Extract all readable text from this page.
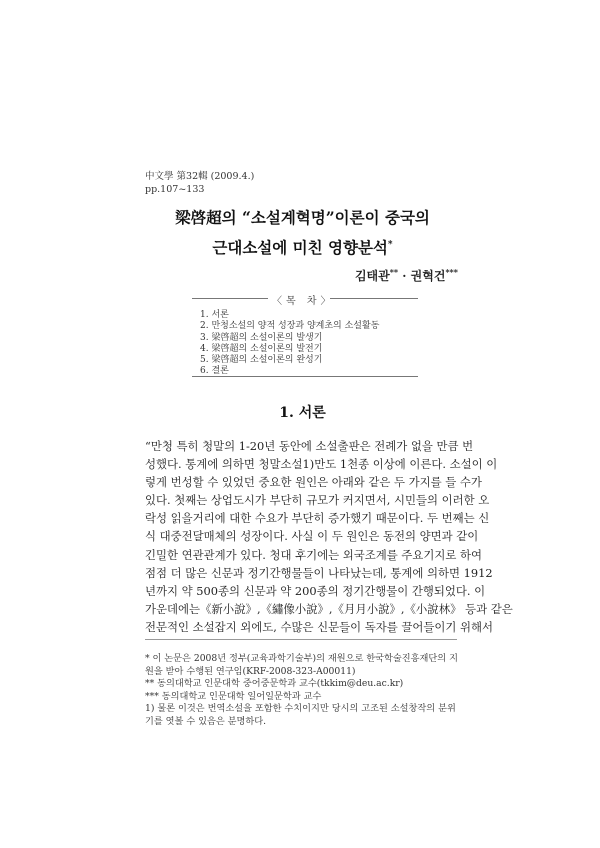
中文學 第32輯 (2009.4.)
pp.107~133
梁啓超의 “소설계혁명”이론이 중국의
근대소설에 미친 영향분석*
김태관** · 권혁건***
〈목 차〉
1. 서론
2. 만청소설의 양적 성장과 양계초의 소설활동
3. 梁啓超의 소설이론의 발생기
4. 梁啓超의 소설이론의 발전기
5. 梁啓超의 소설이론의 완성기
6. 결론
1. 서론
“만청 특히 청말의 1-20년 동안에 소설출판은 전례가 없을 만큼 번
성했다. 통계에 의하면 청말소설1)만도 1천종 이상에 이른다. 소설이 이
렇게 번성할 수 있었던 중요한 원인은 아래와 같은 두 가지를 들 수가
있다. 첫째는 상업도시가 부단히 규모가 커지면서, 시민들의 이러한 오
락성 읽을거리에 대한 수요가 부단히 증가했기 때문이다. 두 번째는 신
식 대중전달매체의 성장이다. 사실 이 두 원인은 동전의 양면과 같이
긴밀한 연관관계가 있다. 청대 후기에는 외국조계를 주요기지로 하여
점점 더 많은 신문과 정기간행물들이 나타났는데, 통계에 의하면 1912
년까지 약 500종의 신문과 약 200종의 정기간행물이 간행되었다. 이
가운데에는《新小說》,《繡像小說》,《月月小說》,《小說林》 등과 같은
전문적인 소설잡지 외에도, 수많은 신문들이 독자를 끌어들이기 위해서
* 이 논문은 2008년 정부(교육과학기술부)의 재원으로 한국학술진흥재단의 지
원을 받아 수행된 연구임(KRF-2008-323-A00011)
** 동의대학교 인문대학 중어중문학과 교수(tkkim@deu.ac.kr)
*** 동의대학교 인문대학 일어일문학과 교수
1) 물론 이것은 번역소설을 포함한 수치이지만 당시의 고조된 소설창작의 분위
기를 엿볼 수 있음은 분명하다.
